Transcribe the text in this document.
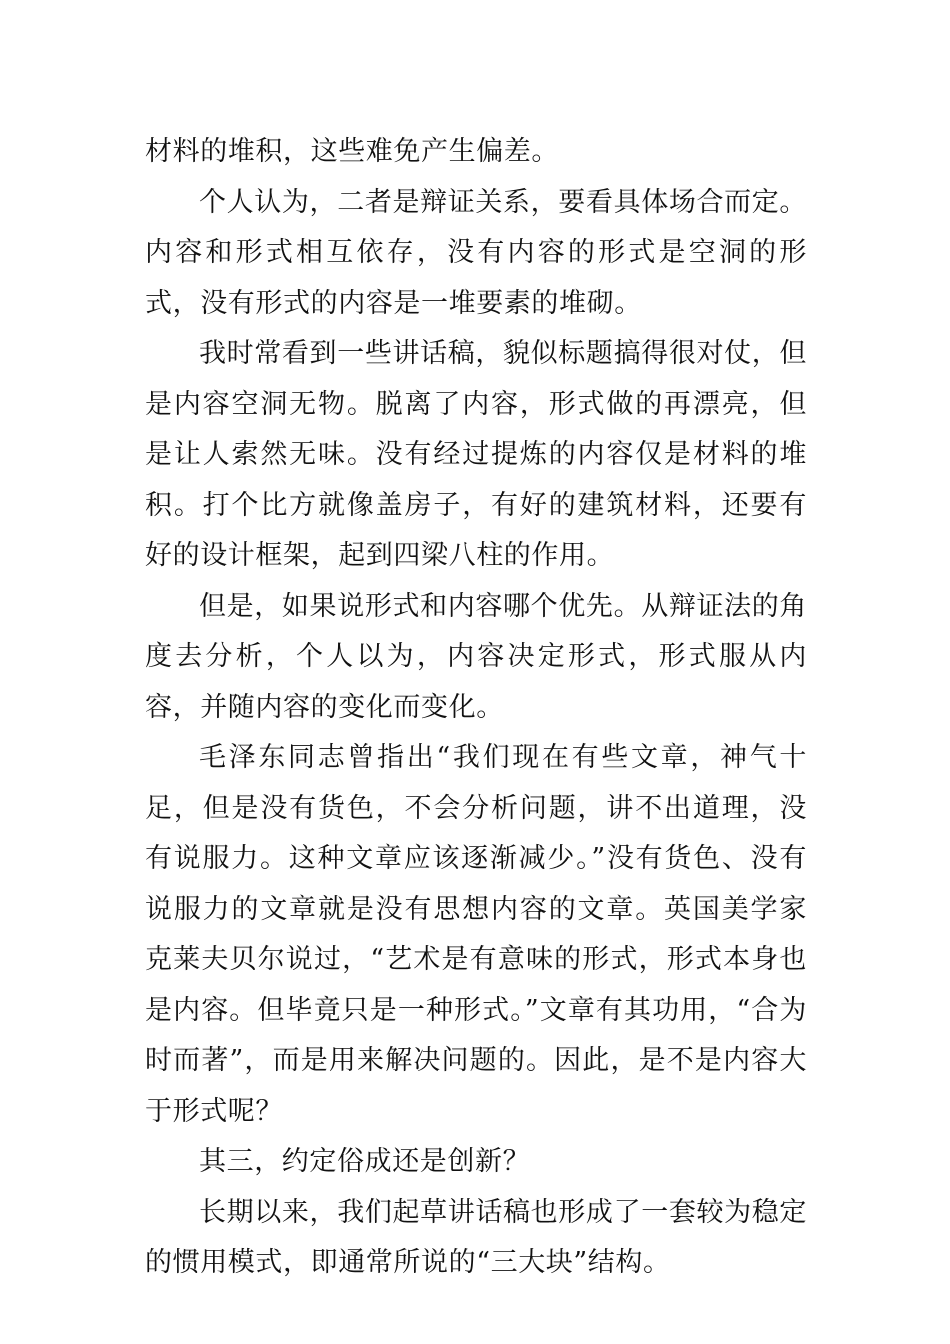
材料的堆积，这些难免产生偏差。

个人认为，二者是辩证关系，要看具体场合而定。内容和形式相互依存，没有内容的形式是空洞的形式，没有形式的内容是一堆要素的堆砌。

我时常看到一些讲话稿，貌似标题搞得很对仗，但是内容空洞无物。脱离了内容，形式做的再漂亮，但是让人索然无味。没有经过提炼的内容仅是材料的堆积。打个比方就像盖房子，有好的建筑材料，还要有好的设计框架，起到四梁八柱的作用。

但是，如果说形式和内容哪个优先。从辩证法的角度去分析，个人以为，内容决定形式，形式服从内容，并随内容的变化而变化。

毛泽东同志曾指出“我们现在有些文章，神气十足，但是没有货色，不会分析问题，讲不出道理，没有说服力。这种文章应该逐渐减少。”没有货色、没有说服力的文章就是没有思想内容的文章。英国美学家克莱夫贝尔说过，“艺术是有意味的形式，形式本身也是内容。但毕竟只是一种形式。”文章有其功用，“合为时而著”，而是用来解决问题的。因此，是不是内容大于形式呢？

其三，约定俗成还是创新？

长期以来，我们起草讲话稿也形成了一套较为稳定的惯用模式，即通常所说的“三大块”结构。
